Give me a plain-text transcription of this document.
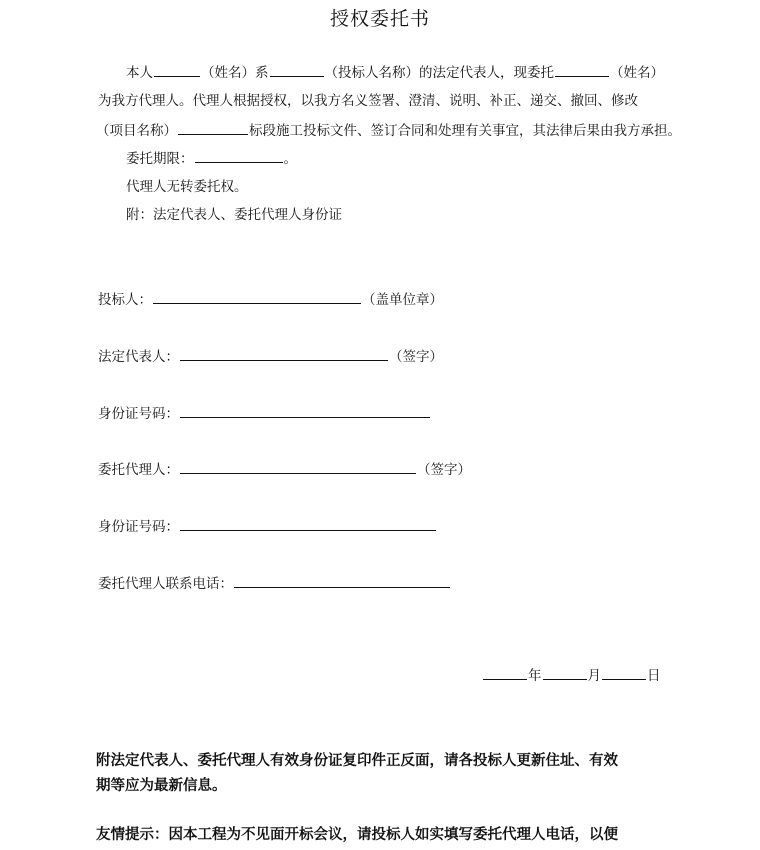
授权委托书
本人	（姓名）系	（投标人名称）的法定代表人，现委托	（姓名）
为我方代理人。代理人根据授权，以我方名义签署、澄清、说明、补正、递交、撤回、修改
（项目名称）	标段施工投标文件、签订合同和处理有关事宜，其法律后果由我方承担。
委托期限：	。
代理人无转委托权。
附：法定代表人、委托代理人身份证
投标人：	（盖单位章）
法定代表人：	（签字）
身份证号码：
委托代理人：	（签字）
身份证号码：
委托代理人联系电话：
年	月	日
附法定代表人、委托代理人有效身份证复印件正反面，请各投标人更新住址、有效
期等应为最新信息。
友情提示：因本工程为不见面开标会议，请投标人如实填写委托代理人电话，以便
